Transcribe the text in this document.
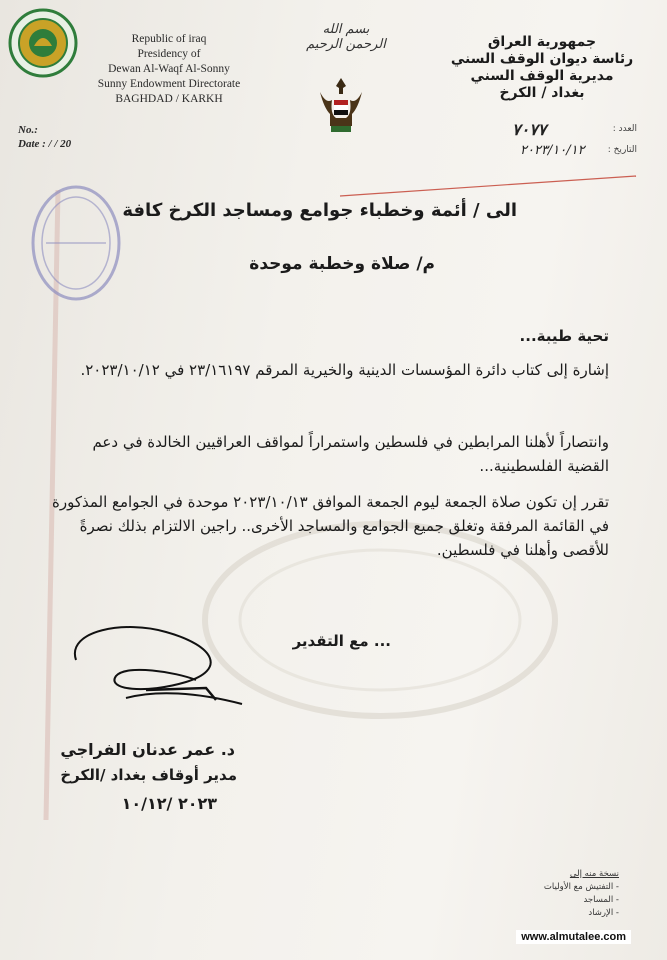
Republic of iraq
Presidency of
Dewan Al-Waqf Al-Sonny
Sunny Endowment Directorate
BAGHDAD / KARKH
No.:
Date : / / 20
بسم الله الرحمن الرحيم	جمهورية العراق
رئاسة ديوان الوقف السني
مديرية الوقف السني
بغداد / الكرخ
العدد :
٧٠٧٧
التاريخ :
٢٠٢٣/١٠/١٢
الى / أئمة وخطباء جوامع ومساجد الكرخ كافة
م/ صلاة وخطبة موحدة
تحية طيبة...
إشارة إلى كتاب دائرة المؤسسات الدينية والخيرية المرقم ٢٣/١٦١٩٧ في ٢٠٢٣/١٠/١٢.
وانتصاراً لأهلنا المرابطين في فلسطين واستمراراً لمواقف العراقيين الخالدة في دعم القضية الفلسطينية...
تقرر إن تكون صلاة الجمعة ليوم الجمعة الموافق ٢٠٢٣/١٠/١٣ موحدة في الجوامع المذكورة في القائمة المرفقة وتغلق جميع الجوامع والمساجد الأخرى.. راجين الالتزام بذلك نصرةً للأقصى وأهلنا في فلسطين.
... مع التقدير
د. عمر عدنان الفراجي
مدير أوقاف بغداد /الكرخ
٢٠٢٣ /١٠/١٢
نسخة منه إلى
- التفتيش مع الأوليات
- المساجد
- الإرشاد
www.almutalee.com
